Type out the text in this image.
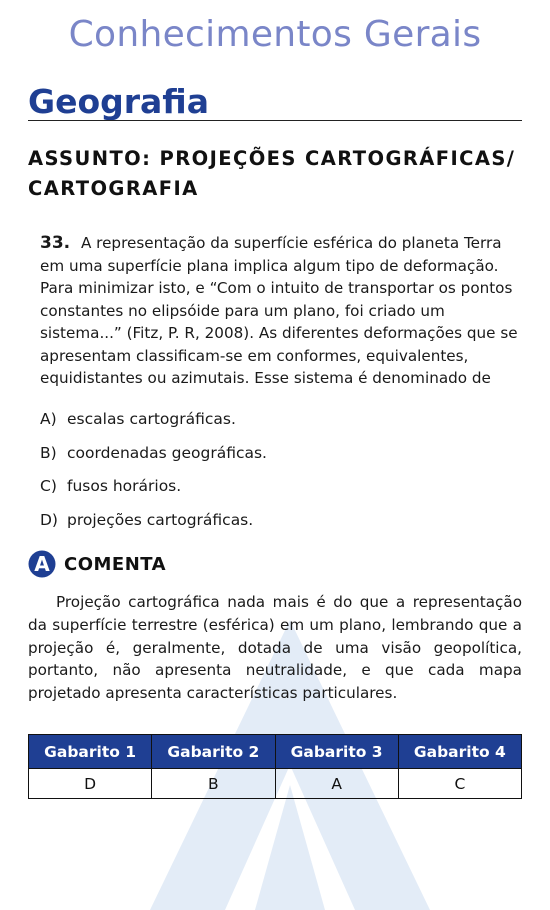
Conhecimentos Gerais
Geografia
ASSUNTO: PROJEÇÕES CARTOGRÁFICAS/ CARTOGRAFIA
33. A representação da superfície esférica do planeta Terra em uma superfície plana implica algum tipo de deformação. Para minimizar isto, e “Com o intuito de transportar os pontos constantes no elipsóide para um plano, foi criado um sistema...” (Fitz, P. R, 2008). As diferentes deformações que se apresentam classificam-se em conformes, equivalentes, equidistantes ou azimutais. Esse sistema é denominado de
A) escalas cartográficas.
B) coordenadas geográficas.
C) fusos horários.
D) projeções cartográficas.
A COMENTA
Projeção cartográfica nada mais é do que a representação da superfície terrestre (esférica) em um plano, lembrando que a projeção é, geralmente, dotada de uma visão geopolítica, portanto, não apresenta neutralidade, e que cada mapa projetado apresenta características particulares.
Gabarito 1	Gabarito 2	Gabarito 3	Gabarito 4
D	B	A	C
